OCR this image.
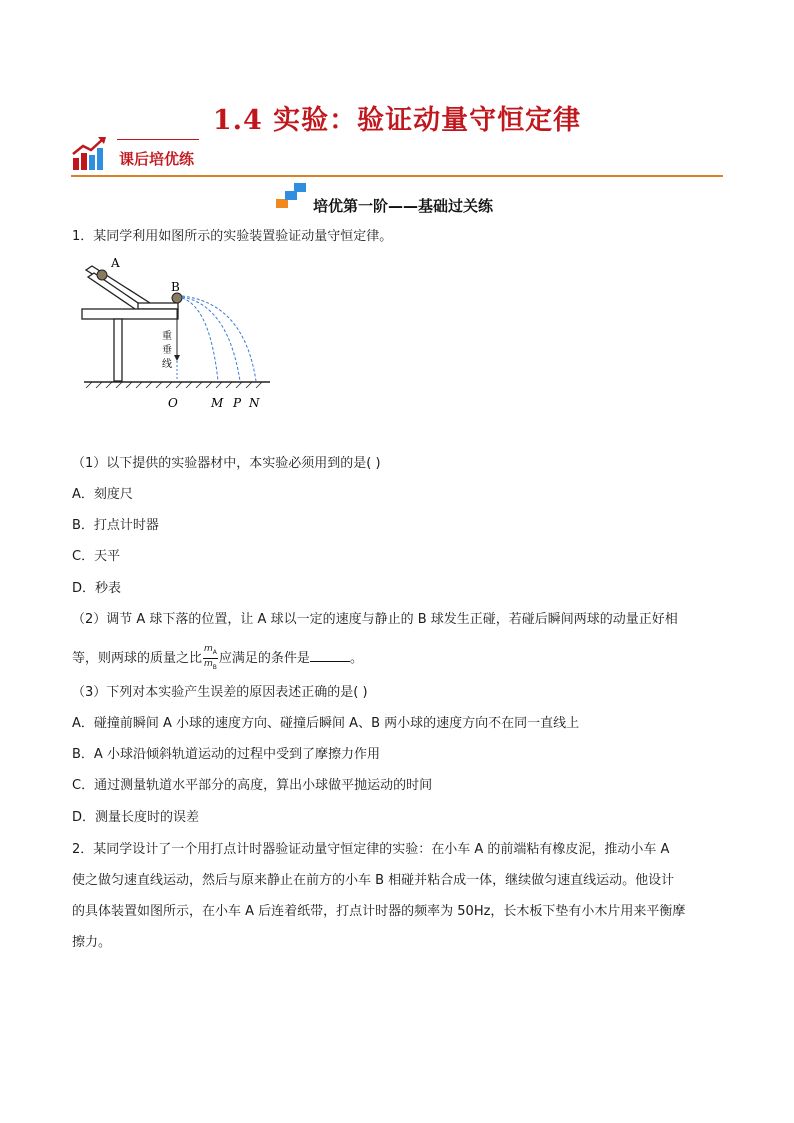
1.4 实验：验证动量守恒定律
课后培优练
培优第一阶——基础过关练
1．某同学利用如图所示的实验装置验证动量守恒定律。
A
B
重
垂
线
O	M P N
（1）以下提供的实验器材中，本实验必须用到的是( )
A．刻度尺
B．打点计时器
C．天平
D．秒表
（2）调节 A 球下落的位置，让 A 球以一定的速度与静止的 B 球发生正碰，若碰后瞬间两球的动量正好相
等，则两球的质量之比 $\frac{m_A}{m_B}$ 应满足的条件是	。
（3）下列对本实验产生误差的原因表述正确的是( )
A．碰撞前瞬间 A 小球的速度方向、碰撞后瞬间 A、B 两小球的速度方向不在同一直线上
B．A 小球沿倾斜轨道运动的过程中受到了摩擦力作用
C．通过测量轨道水平部分的高度，算出小球做平抛运动的时间
D．测量长度时的误差
2．某同学设计了一个用打点计时器验证动量守恒定律的实验：在小车 A 的前端粘有橡皮泥，推动小车 A
使之做匀速直线运动，然后与原来静止在前方的小车 B 相碰并粘合成一体，继续做匀速直线运动。他设计
的具体装置如图所示，在小车 A 后连着纸带，打点计时器的频率为 50Hz，长木板下垫有小木片用来平衡摩
擦力。
